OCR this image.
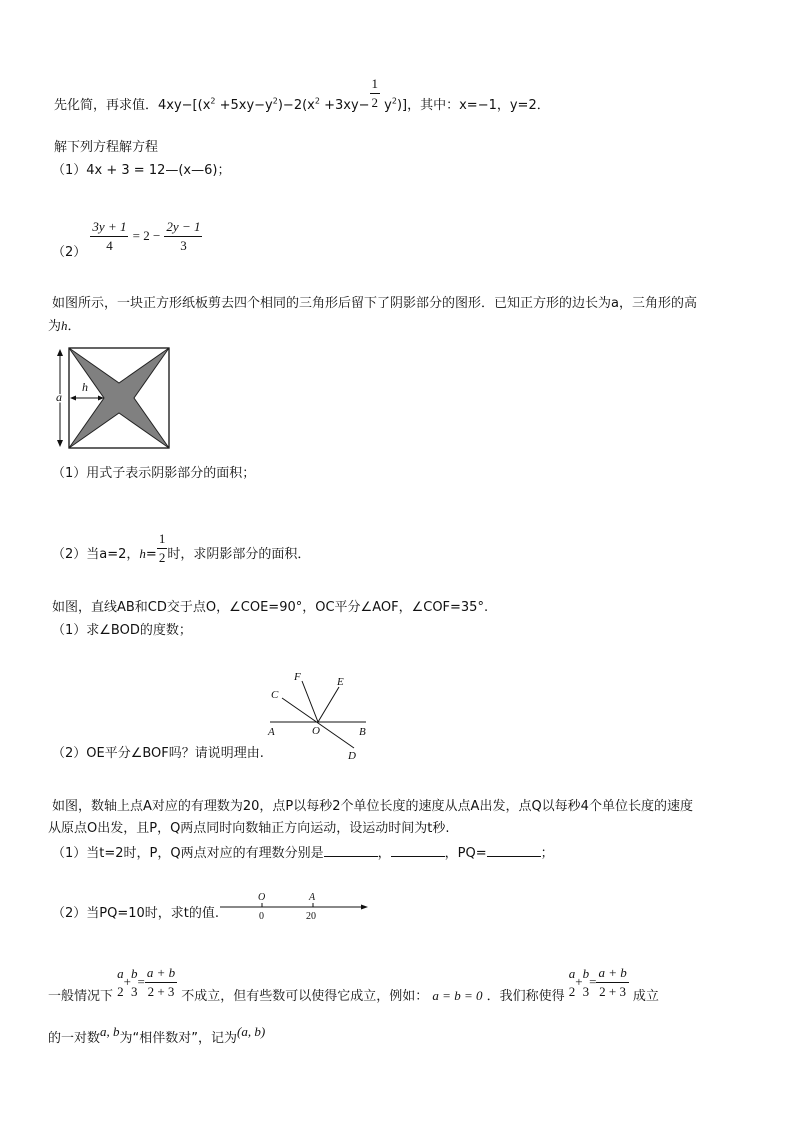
先化简，再求值．$4xy-[(x^2 +5xy-y^2)-2(x^2 +3xy- \frac{1}{2} y^2)]$，其中：x=−1，y=2．
解下列方程解方程
（1）4x + 3 = 12—(x—6)；
$(2) \frac{3y + 1}{4} = 2 - \frac{2y - 1}{3}$
如图所示，一块正方形纸板剪去四个相同的三角形后留下了阴影部分的图形．已知正方形的边长为a，三角形的高
为h．
a
h
（1）用式子表示阴影部分的面积；
（2）当a=2，$h= \frac{1}{2}$ 时，求阴影部分的面积．
如图，直线AB和CD交于点O，∠COE=90°，OC平分∠AOF，∠COF=35°.
（1）求∠BOD的度数；
C
F	E
A	O	B
D
（2）OE平分∠BOF吗？请说明理由.
如图，数轴上点A对应的有理数为20，点P以每秒2个单位长度的速度从点A出发，点Q以每秒4个单位长度的速度
从原点O出发，且P，Q两点同时向数轴正方向运动，设运动时间为t秒.
（1）当t=2时，P，Q两点对应的有理数分别是	，	，PQ=	；
（2）当PQ=10时，求t的值.
O	A
0	20
一般情况下
a
2
+
b
3
= $\frac{a + b}{2 + 3}$ 不成立，但有些数可以使得它成立，例如： a = b = 0 ．我们称使得
a
2
+
b
3
= $\frac{a + b}{2 + 3}$ 成立
的一对数a, b为“相伴数对”，记为(a, b)
